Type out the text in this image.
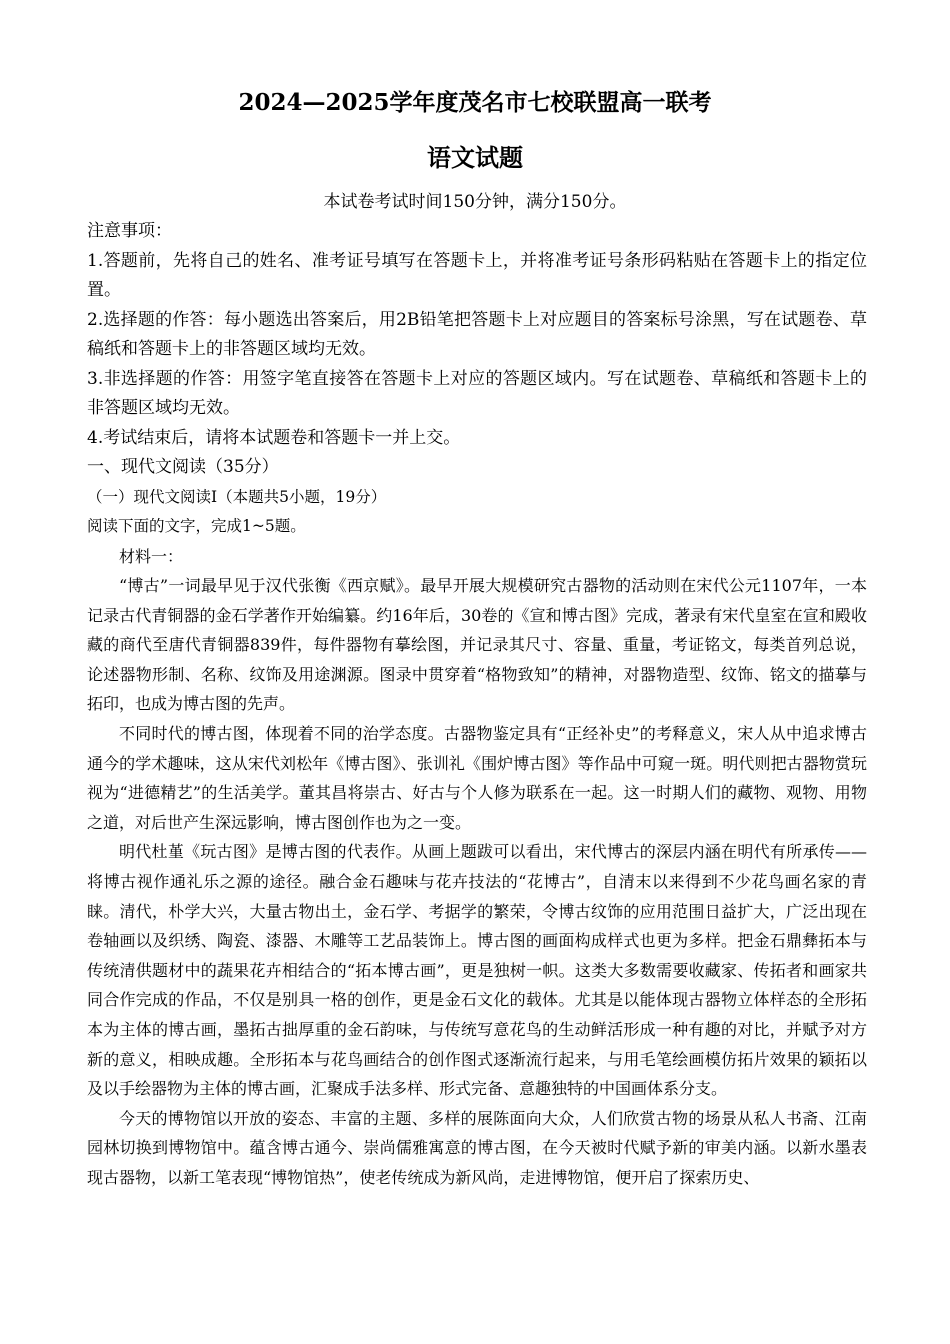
2024—2025学年度茂名市七校联盟高一联考
语文试题
本试卷考试时间150分钟，满分150分。

注意事项：

1.答题前，先将自己的姓名、准考证号填写在答题卡上，并将准考证号条形码粘贴在答题卡上的指定位置。

2.选择题的作答：每小题选出答案后，用2B铅笔把答题卡上对应题目的答案标号涂黑，写在试题卷、草稿纸和答题卡上的非答题区域均无效。

3.非选择题的作答：用签字笔直接答在答题卡上对应的答题区域内。写在试题卷、草稿纸和答题卡上的非答题区域均无效。

4.考试结束后，请将本试题卷和答题卡一并上交。

一、现代文阅读（35分）

（一）现代文阅读Ⅰ（本题共5小题，19分）

阅读下面的文字，完成1~5题。

材料一：

“博古”一词最早见于汉代张衡《西京赋》。最早开展大规模研究古器物的活动则在宋代公元1107年，一本记录古代青铜器的金石学著作开始编纂。约16年后，30卷的《宣和博古图》完成，著录有宋代皇室在宣和殿收藏的商代至唐代青铜器839件，每件器物有摹绘图，并记录其尺寸、容量、重量，考证铭文，每类首列总说，论述器物形制、名称、纹饰及用途渊源。图录中贯穿着“格物致知”的精神，对器物造型、纹饰、铭文的描摹与拓印，也成为博古图的先声。

不同时代的博古图，体现着不同的治学态度。古器物鉴定具有“正经补史”的考释意义，宋人从中追求博古通今的学术趣味，这从宋代刘松年《博古图》、张训礼《围炉博古图》等作品中可窥一斑。明代则把古器物赏玩视为“进德精艺”的生活美学。董其昌将崇古、好古与个人修为联系在一起。这一时期人们的藏物、观物、用物之道，对后世产生深远影响，博古图创作也为之一变。

明代杜堇《玩古图》是博古图的代表作。从画上题跋可以看出，宋代博古的深层内涵在明代有所承传——将博古视作通礼乐之源的途径。融合金石趣味与花卉技法的“花博古”，自清末以来得到不少花鸟画名家的青睐。清代，朴学大兴，大量古物出土，金石学、考据学的繁荣，令博古纹饰的应用范围日益扩大，广泛出现在卷轴画以及织绣、陶瓷、漆器、木雕等工艺品装饰上。博古图的画面构成样式也更为多样。把金石鼎彝拓本与传统清供题材中的蔬果花卉相结合的“拓本博古画”，更是独树一帜。这类大多数需要收藏家、传拓者和画家共同合作完成的作品，不仅是别具一格的创作，更是金石文化的载体。尤其是以能体现古器物立体样态的全形拓本为主体的博古画，墨拓古拙厚重的金石韵味，与传统写意花鸟的生动鲜活形成一种有趣的对比，并赋予对方新的意义，相映成趣。全形拓本与花鸟画结合的创作图式逐渐流行起来，与用毛笔绘画模仿拓片效果的颖拓以及以手绘器物为主体的博古画，汇聚成手法多样、形式完备、意趣独特的中国画体系分支。

今天的博物馆以开放的姿态、丰富的主题、多样的展陈面向大众，人们欣赏古物的场景从私人书斋、江南园林切换到博物馆中。蕴含博古通今、崇尚儒雅寓意的博古图，在今天被时代赋予新的审美内涵。以新水墨表现古器物，以新工笔表现“博物馆热”，使老传统成为新风尚，走进博物馆，便开启了探索历史、
